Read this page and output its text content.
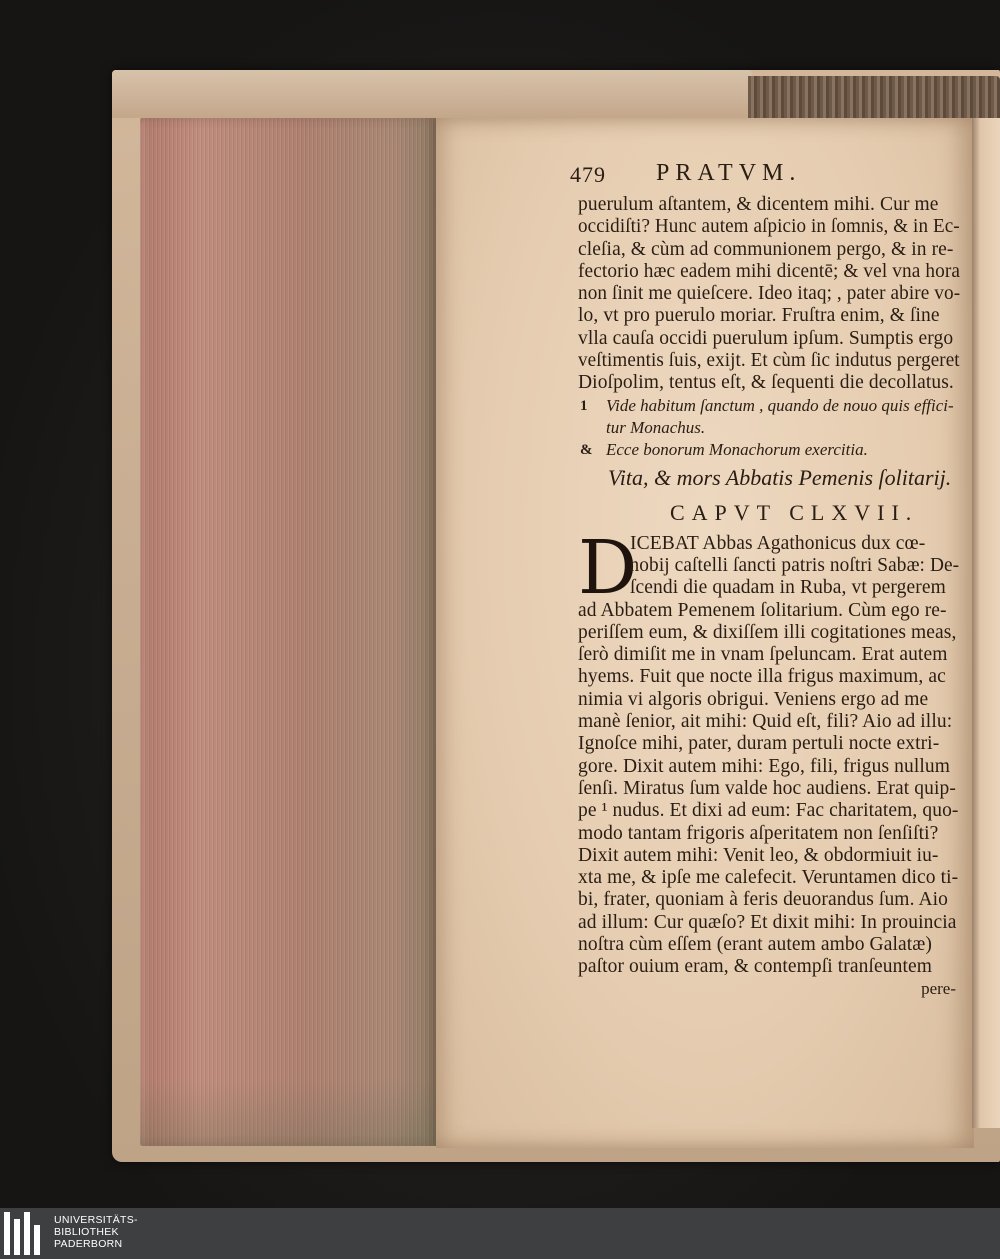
479 PRATVM.
puerulum aſtantem, & dicentem mihi. Cur me
occidiſti? Hunc autem aſpicio in ſomnis, & in Ec-
cleſia, & cùm ad communionem pergo, & in re-
fectorio hæc eadem mihi dicentē; & vel vna hora
non ſinit me quieſcere. Ideo itaq; , pater abire vo-
lo, vt pro puerulo moriar. Fruſtra enim, & ſine
vlla cauſa occidi puerulum ipſum. Sumptis ergo
veſtimentis ſuis, exijt. Et cùm ſic indutus pergeret
Dioſpolim, tentus eſt, & ſequenti die decollatus.
1 Vide habitum ſanctum , quando de nouo quis effici-
tur Monachus.
& Ecce bonorum Monachorum exercitia.
Vita, & mors Abbatis Pemenis ſolitarij.
CAPVT CLXVII.
D
ICEBAT Abbas Agathonicus dux cœ-
nobij caſtelli ſancti patris noſtri Sabæ: De-
ſcendi die quadam in Ruba, vt pergerem
ad Abbatem Pemenem ſolitarium. Cùm ego re-
periſſem eum, & dixiſſem illi cogitationes meas,
ſerò dimiſit me in vnam ſpeluncam. Erat autem
hyems. Fuit que nocte illa frigus maximum, ac
nimia vi algoris obrigui. Veniens ergo ad me
manè ſenior, ait mihi: Quid eſt, fili? Aio ad illu:
Ignoſce mihi, pater, duram pertuli nocte extri-
gore. Dixit autem mihi: Ego, fili, frigus nullum
ſenſi. Miratus ſum valde hoc audiens. Erat quip-
pe ¹ nudus. Et dixi ad eum: Fac charitatem, quo-
modo tantam frigoris aſperitatem non ſenſiſti?
Dixit autem mihi: Venit leo, & obdormiuit iu-
xta me, & ipſe me calefecit. Veruntamen dico ti-
bi, frater, quoniam à feris deuorandus ſum. Aio
ad illum: Cur quæſo? Et dixit mihi: In prouincia
noſtra cùm eſſem (erant autem ambo Galatæ)
paſtor ouium eram, & contempſi tranſeuntem
pere-
UNIVERSITÄTS-
BIBLIOTHEK
PADERBORN
